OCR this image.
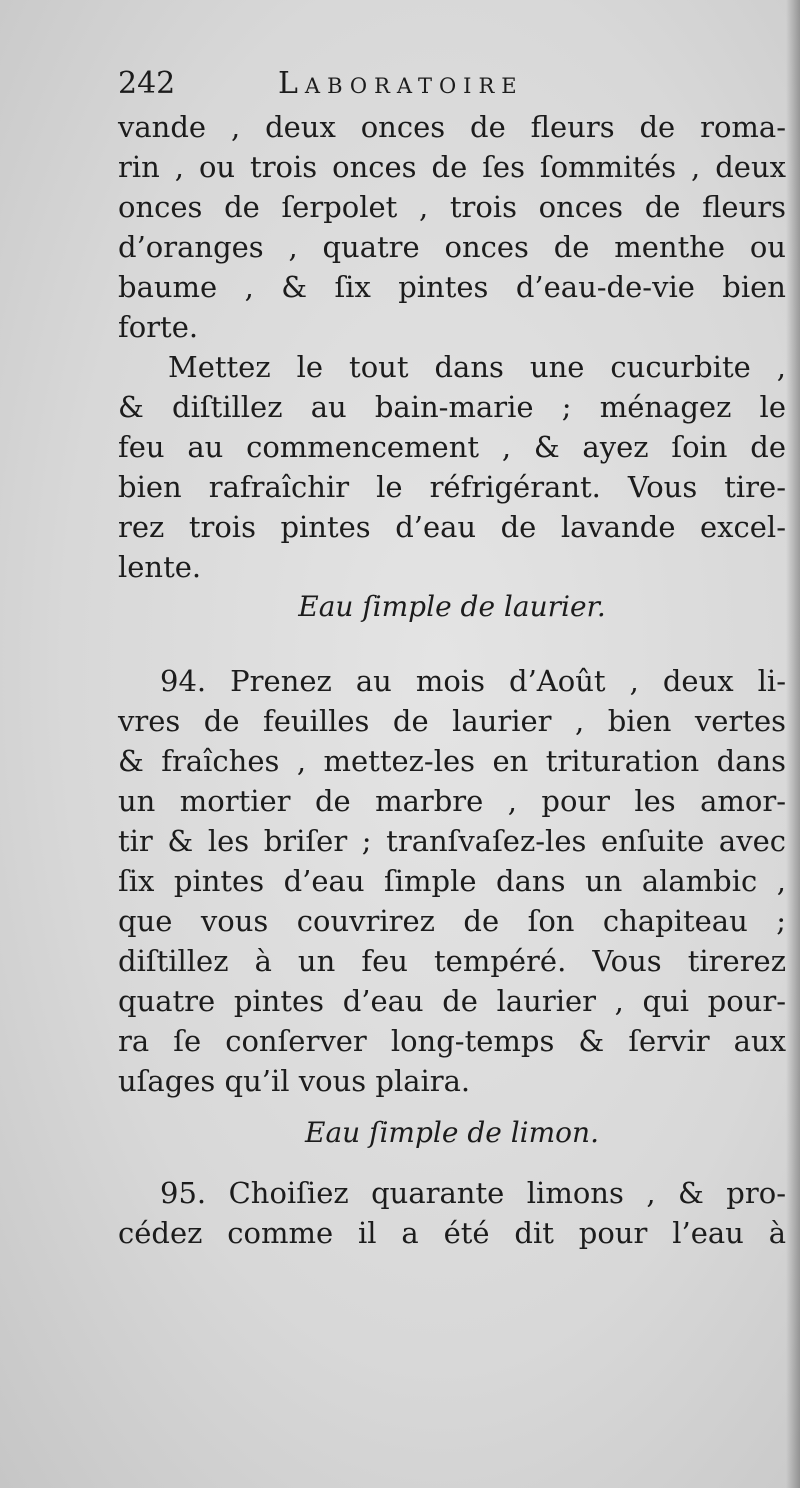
242	Laboratoire
vande , deux onces de fleurs de roma-
rin , ou trois onces de ſes ſommités , deux
onces de ſerpolet , trois onces de fleurs
d’oranges , quatre onces de menthe ou
baume , & ſix pintes d’eau-de-vie bien
forte.
Mettez le tout dans une cucurbite ,
& diſtillez au bain-marie ; ménagez le
feu au commencement , & ayez ſoin de
bien rafraîchir le réfrigérant. Vous tire-
rez trois pintes d’eau de lavande excel-
lente.
Eau ſimple de laurier.
94. Prenez au mois d’Août , deux li-
vres de feuilles de laurier , bien vertes
& fraîches , mettez-les en trituration dans
un mortier de marbre , pour les amor-
tir & les briſer ; tranſvaſez-les enſuite avec
ſix pintes d’eau ſimple dans un alambic ,
que vous couvrirez de ſon chapiteau ;
diſtillez à un feu tempéré. Vous tirerez
quatre pintes d’eau de laurier , qui pour-
ra ſe conſerver long-temps & ſervir aux
uſages qu’il vous plaira.
Eau ſimple de limon.
95. Choiſiez quarante limons , & pro-
cédez comme il a été dit pour l’eau à
